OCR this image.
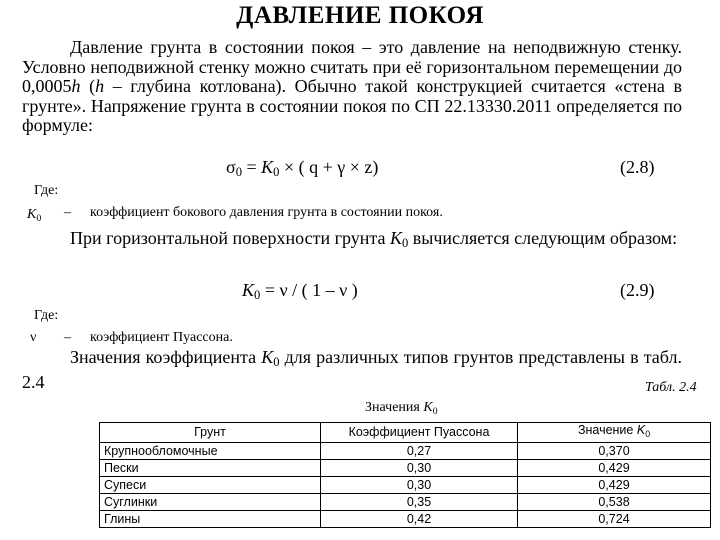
ДАВЛЕНИЕ ПОКОЯ
Давление грунта в состоянии покоя – это давление на неподвижную стенку. Условно неподвижной стенку можно считать при её горизонтальном перемещении до 0,0005h (h – глубина котлована). Обычно такой конструкцией считается «стена в грунте». Напряжение грунта в состоянии покоя по СП 22.13330.2011 определяется по формуле:
$\sigma_0 = K_0$ × ( q + γ × z)	(2.8)
Где:
$K_0$ – коэффициент бокового давления грунта в состоянии покоя.
При горизонтальной поверхности грунта $K_0$ вычисляется следующим образом:
$K_0 = \nu$ / ( 1 – ν )	(2.9)
Где:
ν – коэффициент Пуассона.
Значения коэффициента $K_0$ для различных типов грунтов представлены в табл. 2.4	Табл. 2.4
Значения $K_0$
Грунт	Коэффициент Пуассона	Значение $K_0$
Крупнообломочные	0,27	0,370
Пески	0,30	0,429
Супеси	0,30	0,429
Суглинки	0,35	0,538
Глины	0,42	0,724
